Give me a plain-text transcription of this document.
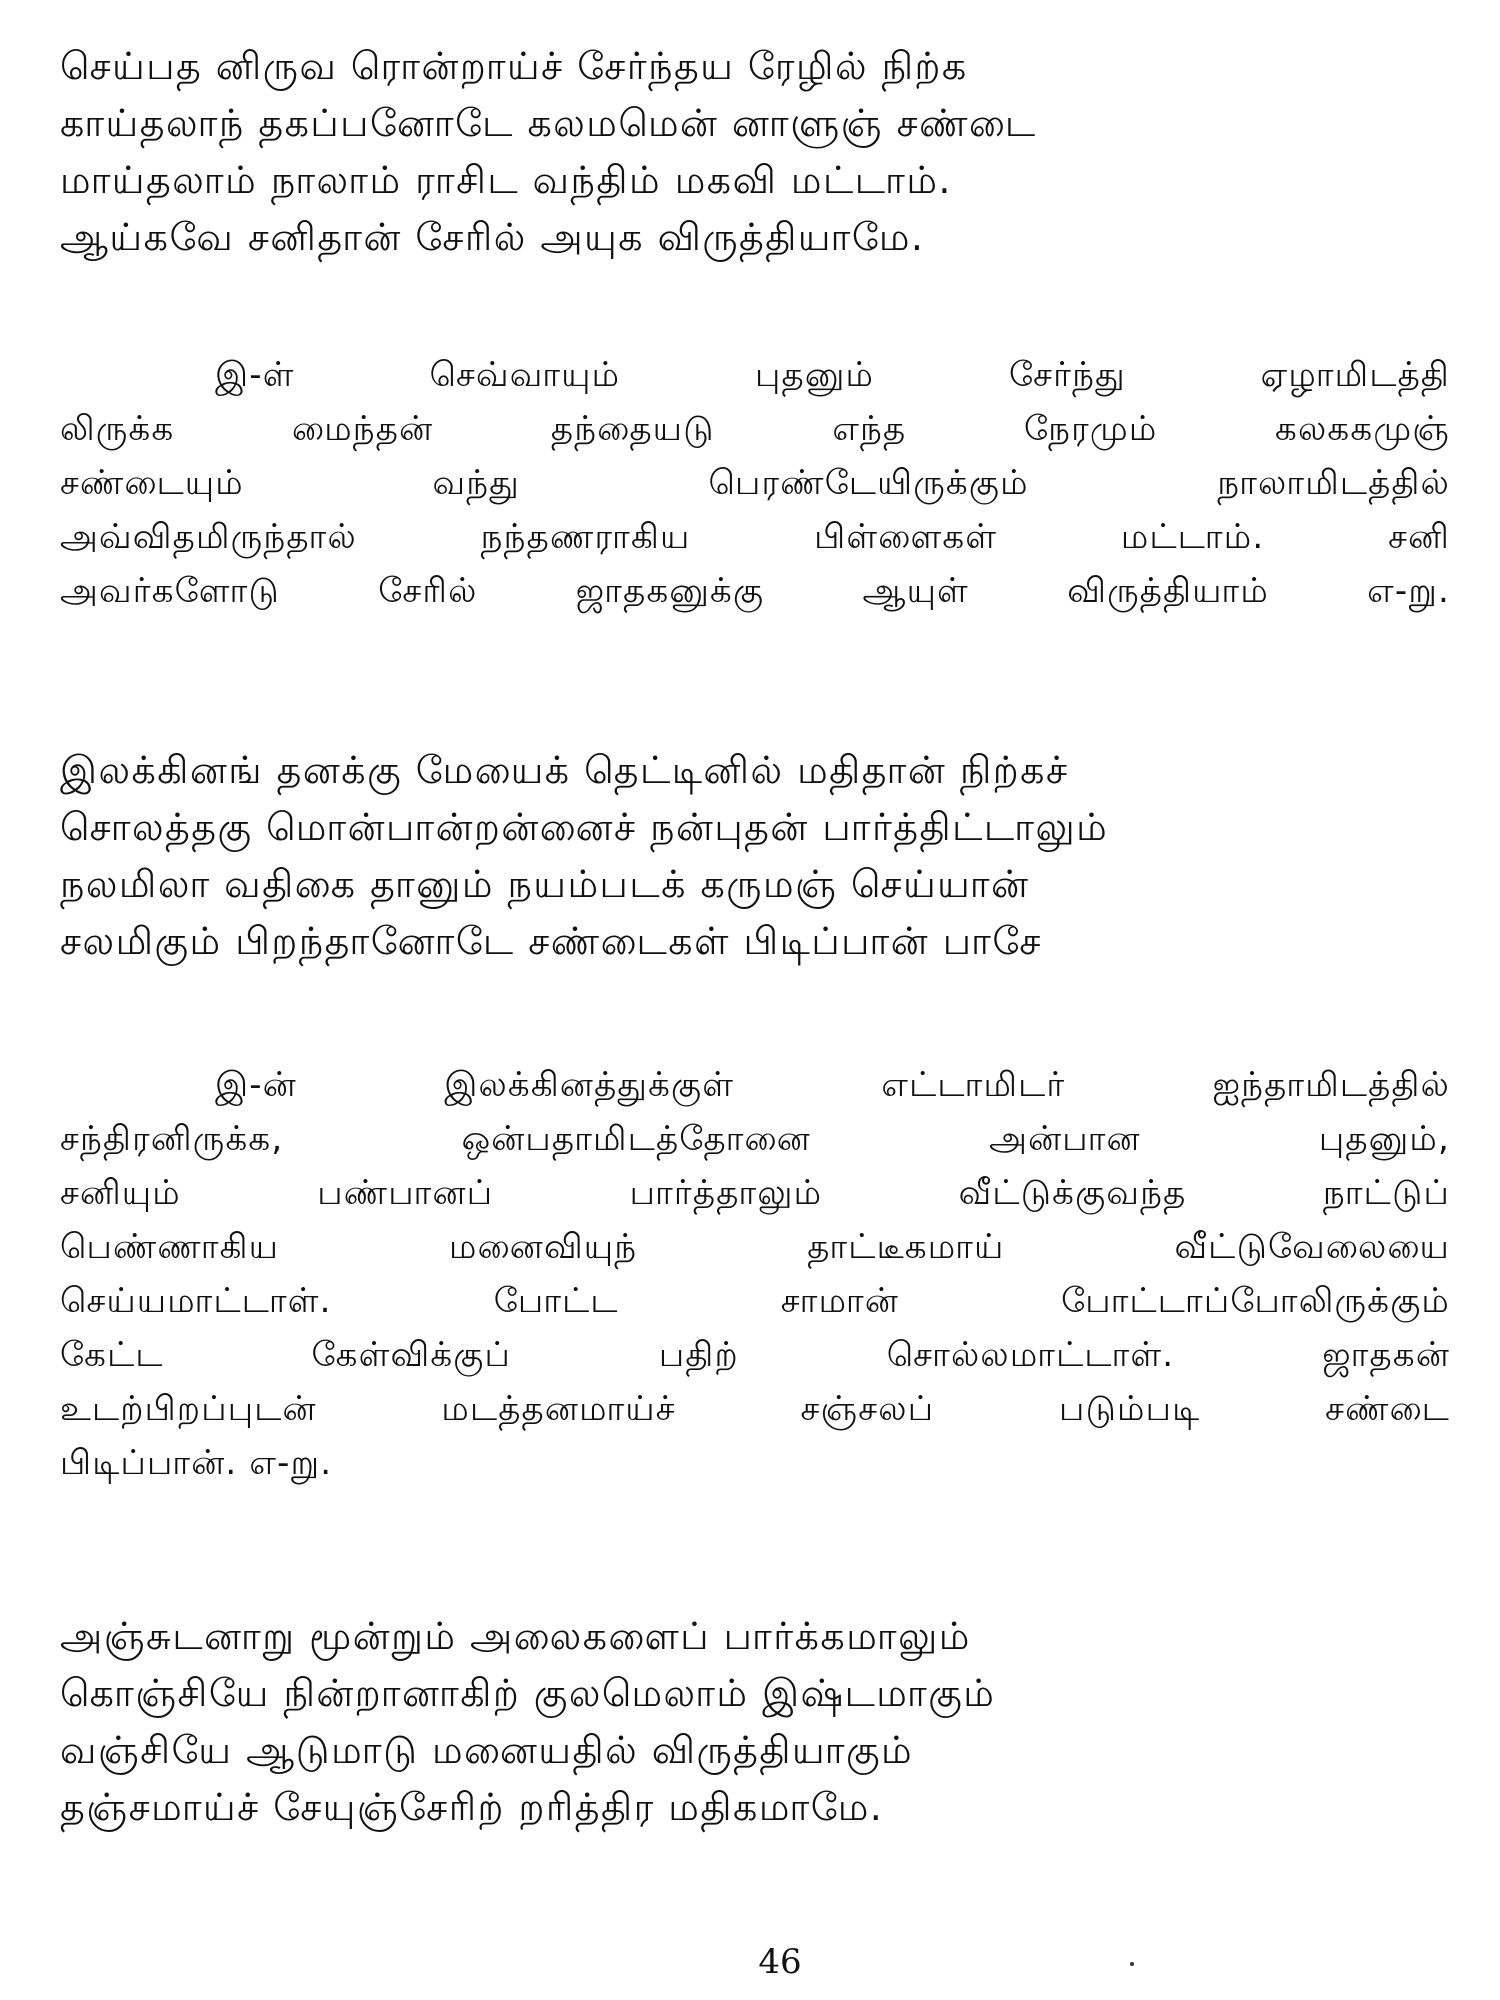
செய்பத னிருவ ரொன்றாய்ச் சேர்ந்தய ரேழில் நிற்க
காய்தலாந் தகப்பனோடே கலமமென் னாளுஞ் சண்டை
மாய்தலாம் நாலாம் ராசிட வந்திம் மகவி மட்டாம்.
ஆய்கவே சனிதான் சேரில் அயுக விருத்தியாமே.
இ-ள் செவ்வாயும் புதனும் சேர்ந்து ஏழாமிடத்தி
லிருக்க மைந்தன் தந்தையடு எந்த நேரமும் கலககமுஞ்
சண்டையும் வந்து பெரண்டேயிருக்கும் நாலாமிடத்தில்
அவ்விதமிருந்தால் நந்தணராகிய பிள்ளைகள் மட்டாம். சனி
அவர்களோடு சேரில் ஜாதகனுக்கு ஆயுள் விருத்தியாம் எ-று.
இலக்கினங் தனக்கு மேயைக் தெட்டினில் மதிதான் நிற்கச்
சொலத்தகு மொன்பான்றன்னைச் நன்புதன் பார்த்திட்டாலும்
நலமிலா வதிகை தானும் நயம்படக் கருமஞ் செய்யான்
சலமிகும் பிறந்தானோடே சண்டைகள் பிடிப்பான் பாசே
இ-ன் இலக்கினத்துக்குள் எட்டாமிடர் ஐந்தாமிடத்தில்
சந்திரனிருக்க, ஒன்பதாமிடத்தோனை அன்பான புதனும்,
சனியும் பண்பானப் பார்த்தாலும் வீட்டுக்குவந்த நாட்டுப்
பெண்ணாகிய மனைவியுந் தாட்டீகமாய் வீட்டுவேலையை
செய்யமாட்டாள். போட்ட சாமான் போட்டாப்போலிருக்கும்
கேட்ட கேள்விக்குப் பதிற் சொல்லமாட்டாள். ஜாதகன்
உடற்பிறப்புடன் மடத்தனமாய்ச் சஞ்சலப் படும்படி சண்டை
பிடிப்பான். எ-று.
அஞ்சுடனாறு மூன்றும் அலைகளைப் பார்க்கமாலும்
கொஞ்சியே நின்றானாகிற் குலமெலாம் இஷ்டமாகும்
வஞ்சியே ஆடுமாடு மனையதில் விருத்தியாகும்
தஞ்சமாய்ச் சேயுஞ்சேரிற் றரித்திர மதிகமாமே.
46
